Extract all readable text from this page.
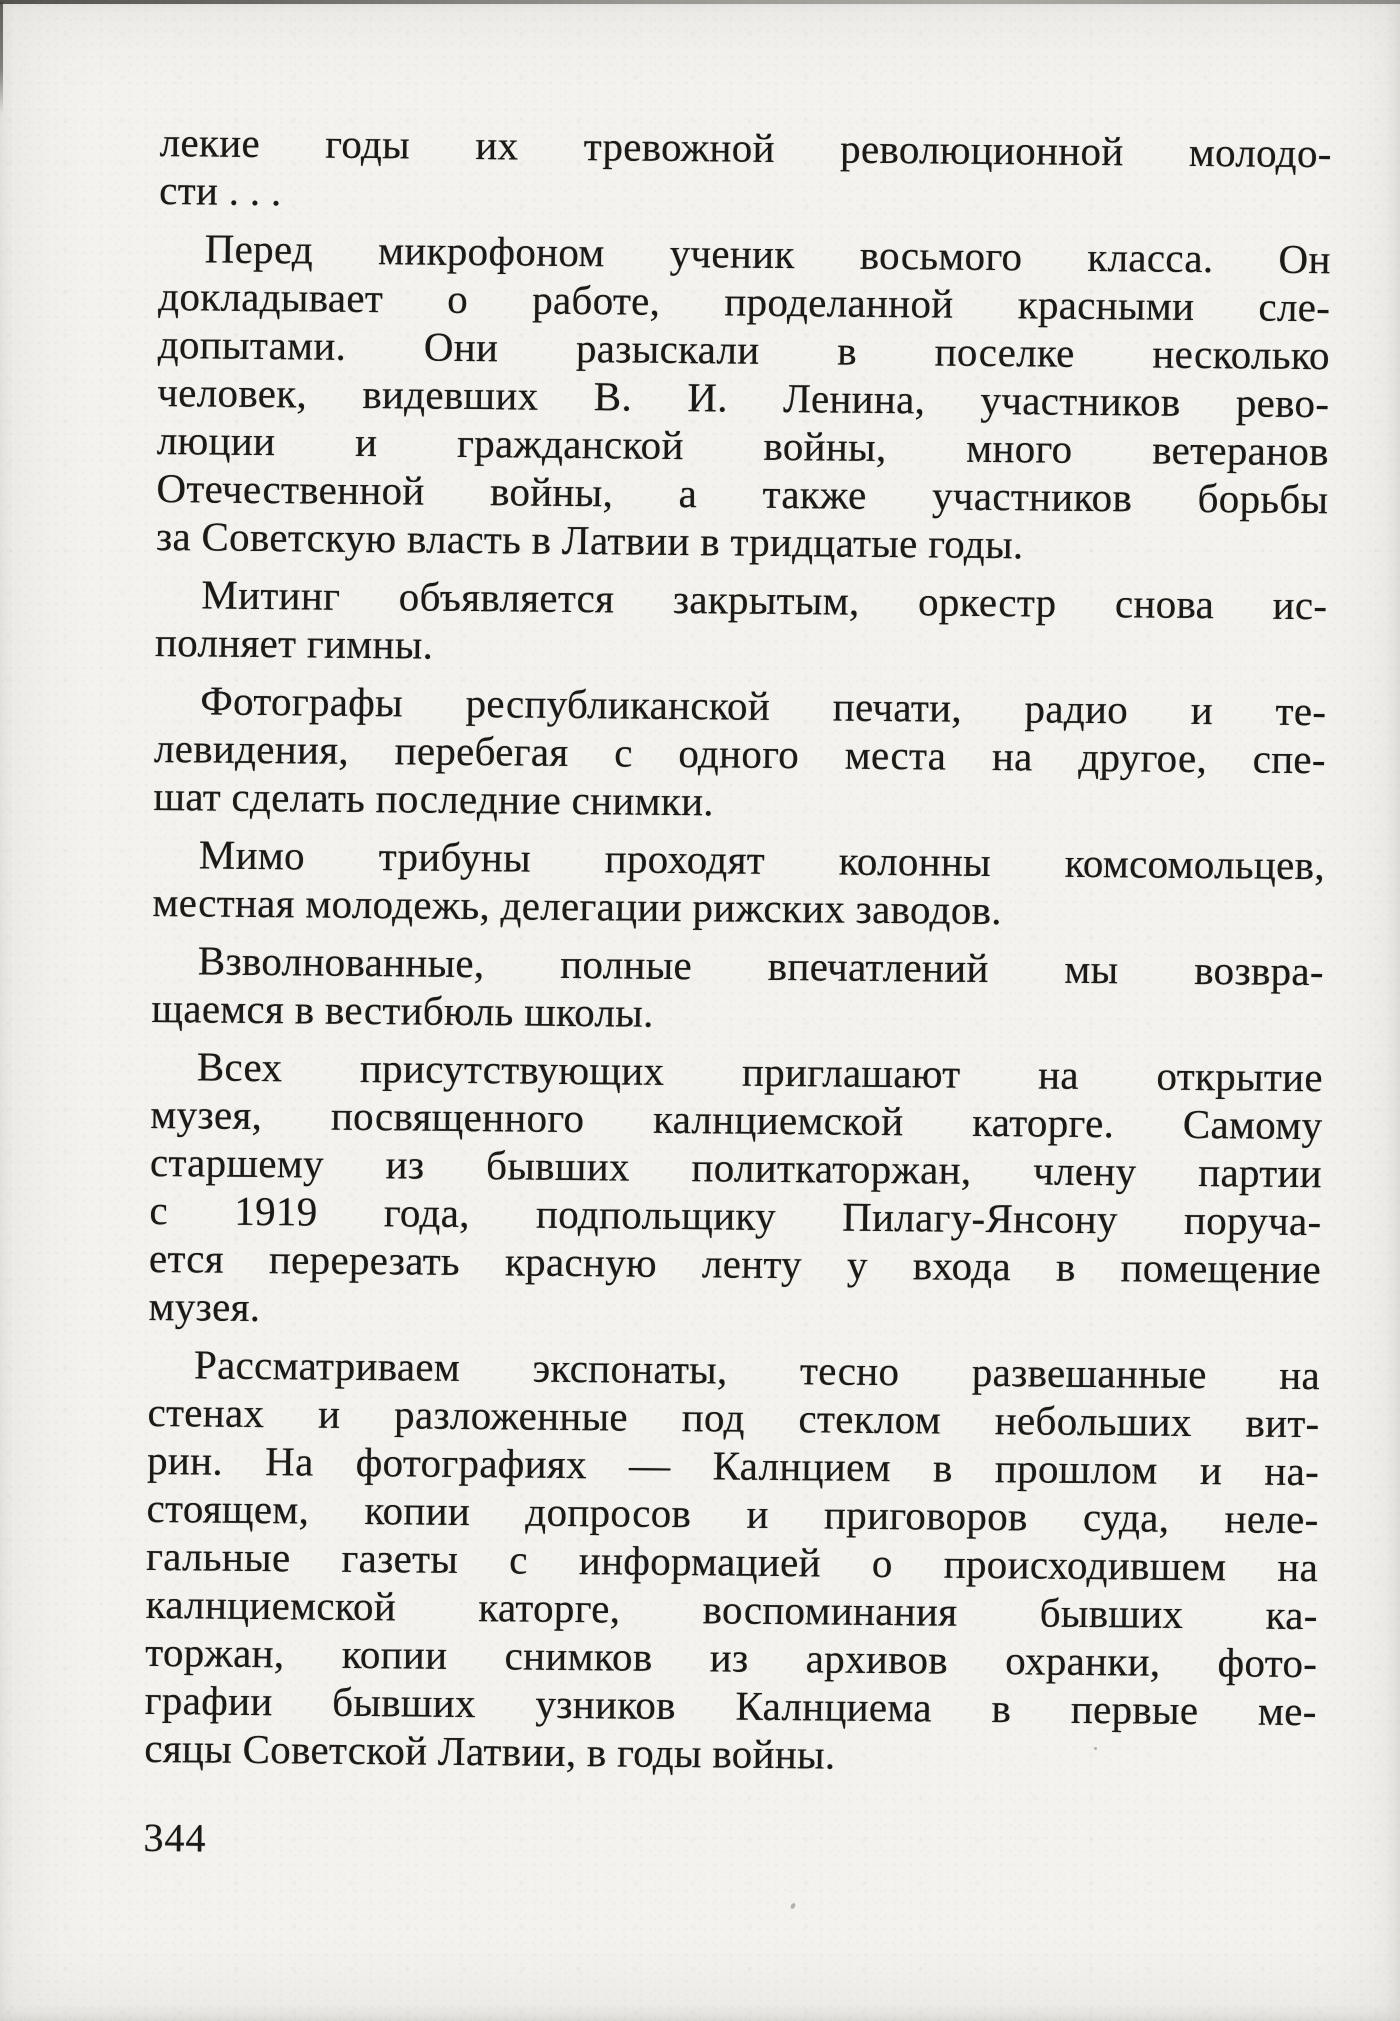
лекие годы их тревожной революционной молодо-
сти . . .
Перед микрофоном ученик восьмого класса. Он
докладывает о работе, проделанной красными сле-
допытами. Они разыскали в поселке несколько
человек, видевших В. И. Ленина, участников рево-
люции и гражданской войны, много ветеранов
Отечественной войны, а также участников борьбы
за Советскую власть в Латвии в тридцатые годы.
Митинг объявляется закрытым, оркестр снова ис-
полняет гимны.
Фотографы республиканской печати, радио и те-
левидения, перебегая с одного места на другое, спе-
шат сделать последние снимки.
Мимо трибуны проходят колонны комсомольцев,
местная молодежь, делегации рижских заводов.
Взволнованные, полные впечатлений мы возвра-
щаемся в вестибюль школы.
Всех присутствующих приглашают на открытие
музея, посвященного калнциемской каторге. Самому
старшему из бывших политкаторжан, члену партии
с 1919 года, подпольщику Пилагу-Янсону поруча-
ется перерезать красную ленту у входа в помещение
музея.
Рассматриваем экспонаты, тесно развешанные на
стенах и разложенные под стеклом небольших вит-
рин. На фотографиях — Калнцием в прошлом и на-
стоящем, копии допросов и приговоров суда, неле-
гальные газеты с информацией о происходившем на
калнциемской каторге, воспоминания бывших ка-
торжан, копии снимков из архивов охранки, фото-
графии бывших узников Калнциема в первые ме-
сяцы Советской Латвии, в годы войны.
344
